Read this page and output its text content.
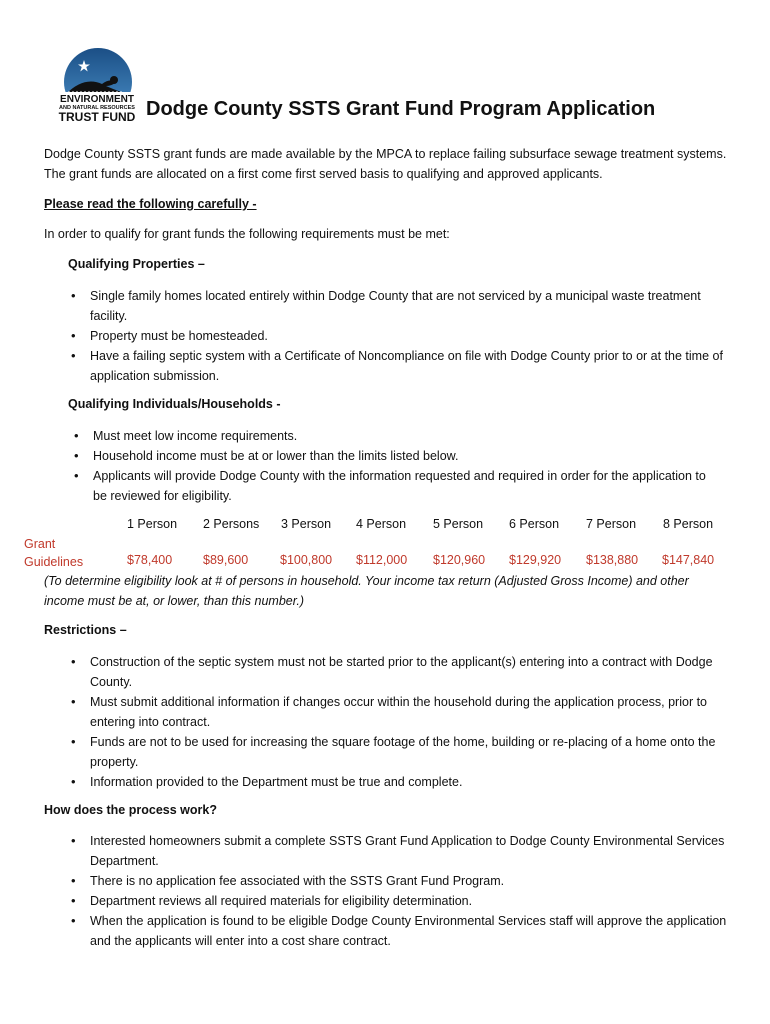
ENVIRONMENT
AND NATURAL RESOURCES
TRUST FUND Dodge County SSTS Grant Fund Program Application
Dodge County SSTS grant funds are made available by the MPCA to replace failing subsurface sewage treatment systems. The grant funds are allocated on a first come first served basis to qualifying and approved applicants.
Please read the following carefully -
In order to qualify for grant funds the following requirements must be met:
Qualifying Properties –
• Single family homes located entirely within Dodge County that are not serviced by a municipal waste treatment facility.
• Property must be homesteaded.
• Have a failing septic system with a Certificate of Noncompliance on file with Dodge County prior to or at the time of application submission.
Qualifying Individuals/Households -
• Must meet low income requirements.
• Household income must be at or lower than the limits listed below.
• Applicants will provide Dodge County with the information requested and required in order for the application to be reviewed for eligibility.
Grant
Guidelines
1 Person 2 Persons 3 Person 4 Person 5 Person 6 Person 7 Person 8 Person
$78,400 $89,600	$100,800 $112,000 $120,960 $129,920 $138,880 $147,840
(To determine eligibility look at # of persons in household. Your income tax return (Adjusted Gross Income) and other income must be at, or lower, than this number.)
Restrictions –
• Construction of the septic system must not be started prior to the applicant(s) entering into a contract with Dodge County.
• Must submit additional information if changes occur within the household during the application process, prior to entering into contract.
• Funds are not to be used for increasing the square footage of the home, building or re-placing of a home onto the property.
• Information provided to the Department must be true and complete.
How does the process work?
• Interested homeowners submit a complete SSTS Grant Fund Application to Dodge County Environmental Services Department.
• There is no application fee associated with the SSTS Grant Fund Program.
• Department reviews all required materials for eligibility determination.
• When the application is found to be eligible Dodge County Environmental Services staff will approve the application and the applicants will enter into a cost share contract.
